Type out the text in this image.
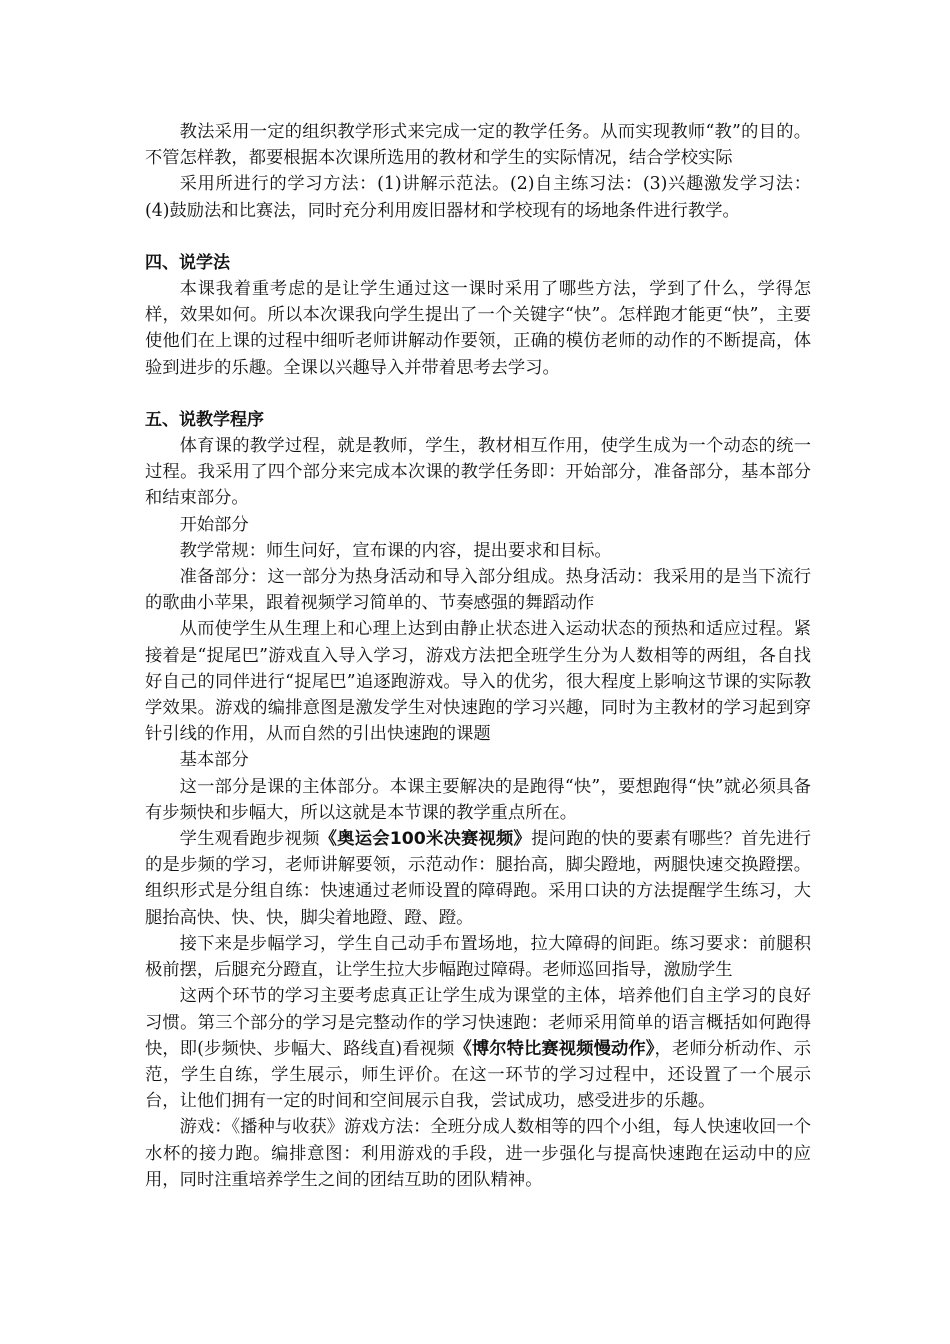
教法采用一定的组织教学形式来完成一定的教学任务。从而实现教师“教”的目的。不管怎样教，都要根据本次课所选用的教材和学生的实际情况，结合学校实际

采用所进行的学习方法：(1)讲解示范法。(2)自主练习法：(3)兴趣激发学习法：(4)鼓励法和比赛法，同时充分利用废旧器材和学校现有的场地条件进行教学。

四、说学法

本课我着重考虑的是让学生通过这一课时采用了哪些方法，学到了什么，学得怎样，效果如何。所以本次课我向学生提出了一个关键字“快”。怎样跑才能更“快”，主要使他们在上课的过程中细听老师讲解动作要领，正确的模仿老师的动作的不断提高，体验到进步的乐趣。全课以兴趣导入并带着思考去学习。

五、说教学程序

体育课的教学过程，就是教师，学生，教材相互作用，使学生成为一个动态的统一过程。我采用了四个部分来完成本次课的教学任务即：开始部分，准备部分，基本部分和结束部分。

开始部分

教学常规：师生问好，宣布课的内容，提出要求和目标。

准备部分：这一部分为热身活动和导入部分组成。热身活动：我采用的是当下流行的歌曲小苹果，跟着视频学习简单的、节奏感强的舞蹈动作

从而使学生从生理上和心理上达到由静止状态进入运动状态的预热和适应过程。紧接着是“捉尾巴”游戏直入导入学习，游戏方法把全班学生分为人数相等的两组，各自找好自己的同伴进行“捉尾巴”追逐跑游戏。导入的优劣，很大程度上影响这节课的实际教学效果。游戏的编排意图是激发学生对快速跑的学习兴趣，同时为主教材的学习起到穿针引线的作用，从而自然的引出快速跑的课题

基本部分

这一部分是课的主体部分。本课主要解决的是跑得“快”，要想跑得“快”就必须具备有步频快和步幅大，所以这就是本节课的教学重点所在。

学生观看跑步视频《奥运会100米决赛视频》提问跑的快的要素有哪些？首先进行的是步频的学习，老师讲解要领，示范动作：腿抬高，脚尖蹬地，两腿快速交换蹬摆。组织形式是分组自练：快速通过老师设置的障碍跑。采用口诀的方法提醒学生练习，大腿抬高快、快、快，脚尖着地蹬、蹬、蹬。

接下来是步幅学习，学生自己动手布置场地，拉大障碍的间距。练习要求：前腿积极前摆，后腿充分蹬直，让学生拉大步幅跑过障碍。老师巡回指导，激励学生

这两个环节的学习主要考虑真正让学生成为课堂的主体，培养他们自主学习的良好习惯。第三个部分的学习是完整动作的学习快速跑：老师采用简单的语言概括如何跑得快，即(步频快、步幅大、路线直)看视频《博尔特比赛视频慢动作》，老师分析动作、示范，学生自练，学生展示，师生评价。在这一环节的学习过程中，还设置了一个展示台，让他们拥有一定的时间和空间展示自我，尝试成功，感受进步的乐趣。

游戏：《播种与收获》游戏方法：全班分成人数相等的四个小组，每人快速收回一个水杯的接力跑。编排意图：利用游戏的手段，进一步强化与提高快速跑在运动中的应用，同时注重培养学生之间的团结互助的团队精神。
